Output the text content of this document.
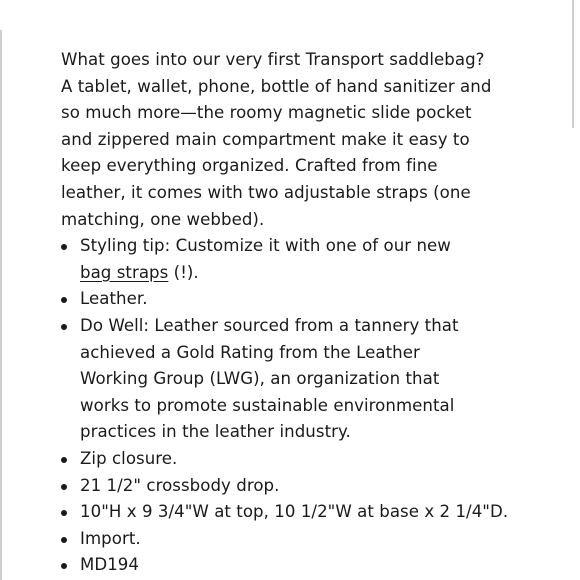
What goes into our very first Transport saddlebag? A tablet, wallet, phone, bottle of hand sanitizer and so much more—the roomy magnetic slide pocket and zippered main compartment make it easy to keep everything organized. Crafted from fine leather, it comes with two adjustable straps (one matching, one webbed).

Styling tip: Customize it with one of our new bag straps (!).
Leather.
Do Well: Leather sourced from a tannery that achieved a Gold Rating from the Leather Working Group (LWG), an organization that works to promote sustainable environmental practices in the leather industry.
Zip closure.
21 1/2" crossbody drop.
10"H x 9 3/4"W at top, 10 1/2"W at base x 2 1/4"D.
Import.
MD194
